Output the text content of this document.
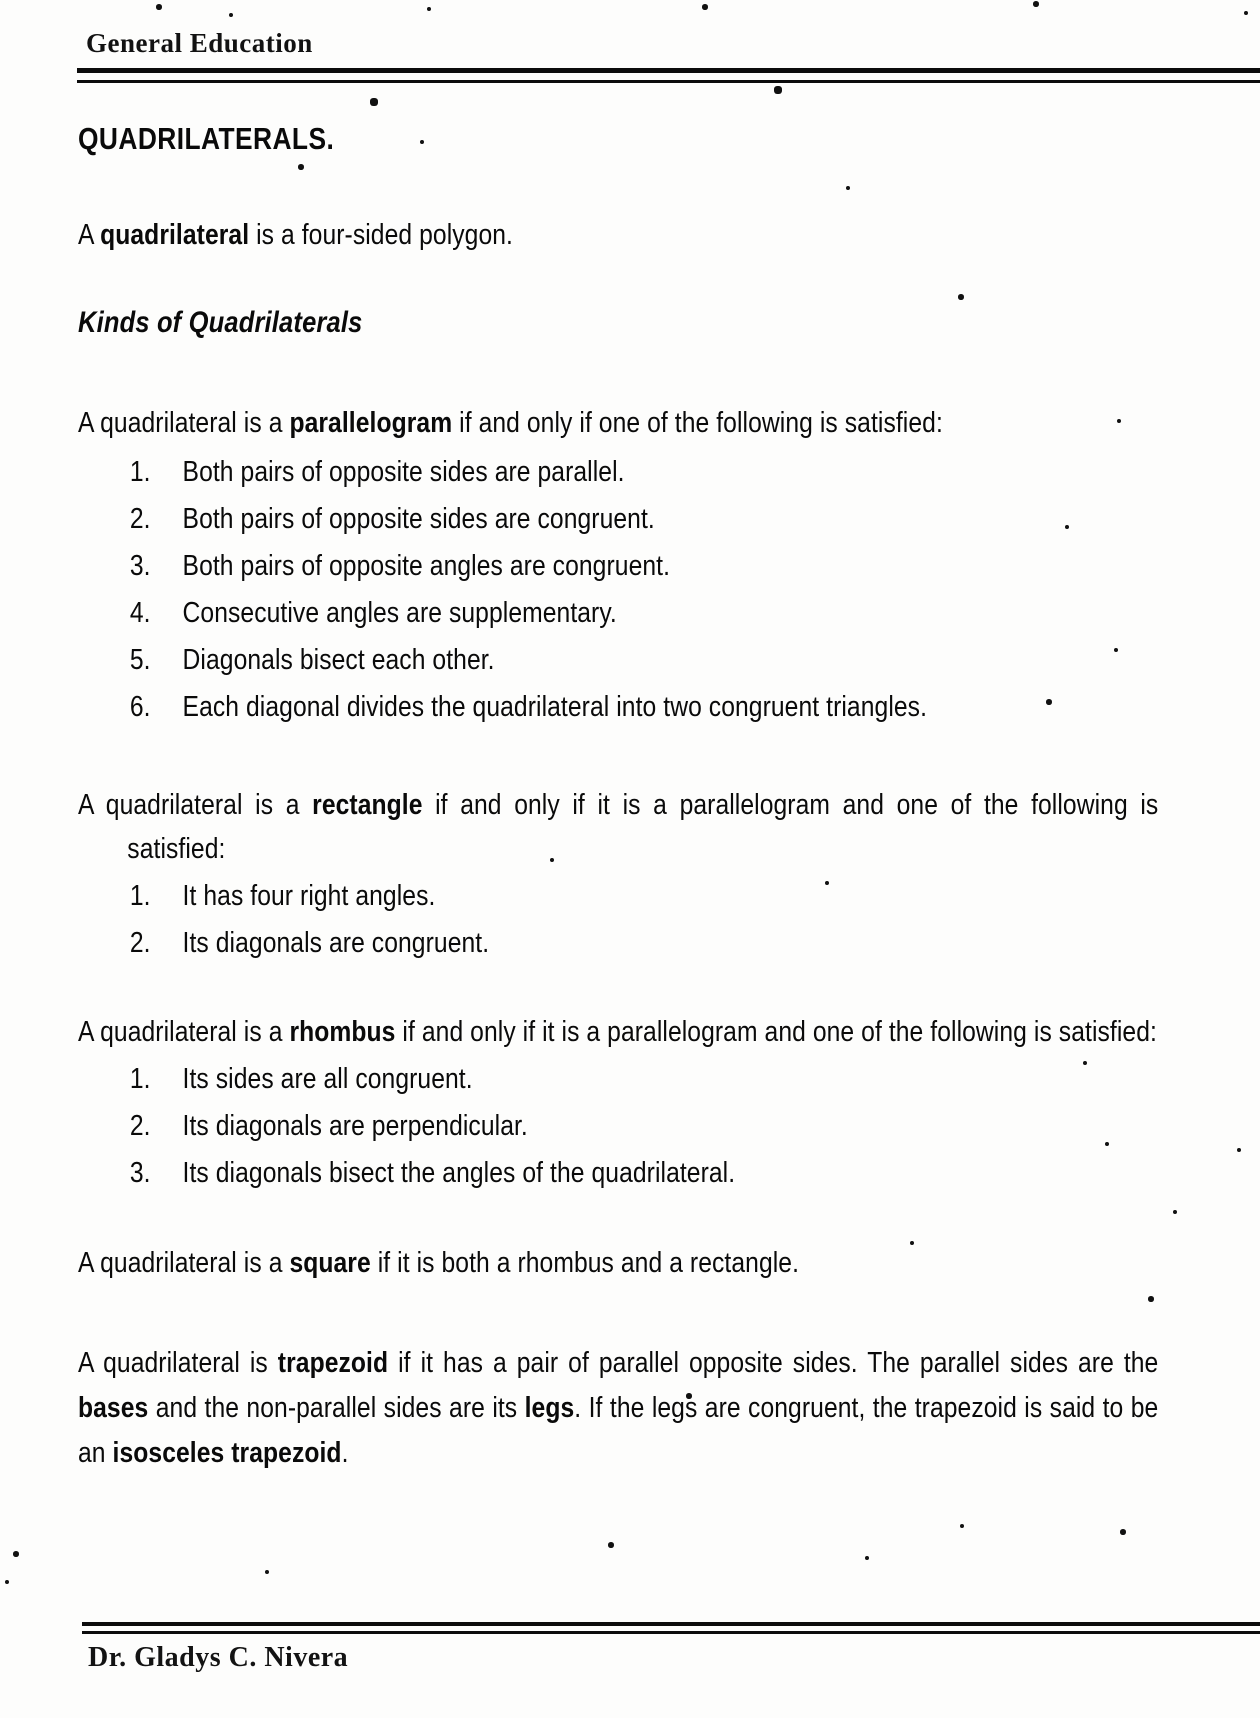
General Education
QUADRILATERALS.

A quadrilateral is a four-sided polygon.

Kinds of Quadrilaterals

A quadrilateral is a parallelogram if and only if one of the following is satisfied:

1.	Both pairs of opposite sides are parallel.
2.	Both pairs of opposite sides are congruent.
3.	Both pairs of opposite angles are congruent.
4.	Consecutive angles are supplementary.
5.	Diagonals bisect each other.
6.	Each diagonal divides the quadrilateral into two congruent triangles.

A quadrilateral is a rectangle if and only if it is a parallelogram and one of the following is satisfied:

1.	It has four right angles.
2.	Its diagonals are congruent.

A quadrilateral is a rhombus if and only if it is a parallelogram and one of the following is satisfied:

1.	Its sides are all congruent.
2.	Its diagonals are perpendicular.
3.	Its diagonals bisect the angles of the quadrilateral.

A quadrilateral is a square if it is both a rhombus and a rectangle.

A quadrilateral is trapezoid if it has a pair of parallel opposite sides. The parallel sides are the bases and the non-parallel sides are its legs. If the legs are congruent, the trapezoid is said to be an isosceles trapezoid.

Dr. Gladys C. Nivera
